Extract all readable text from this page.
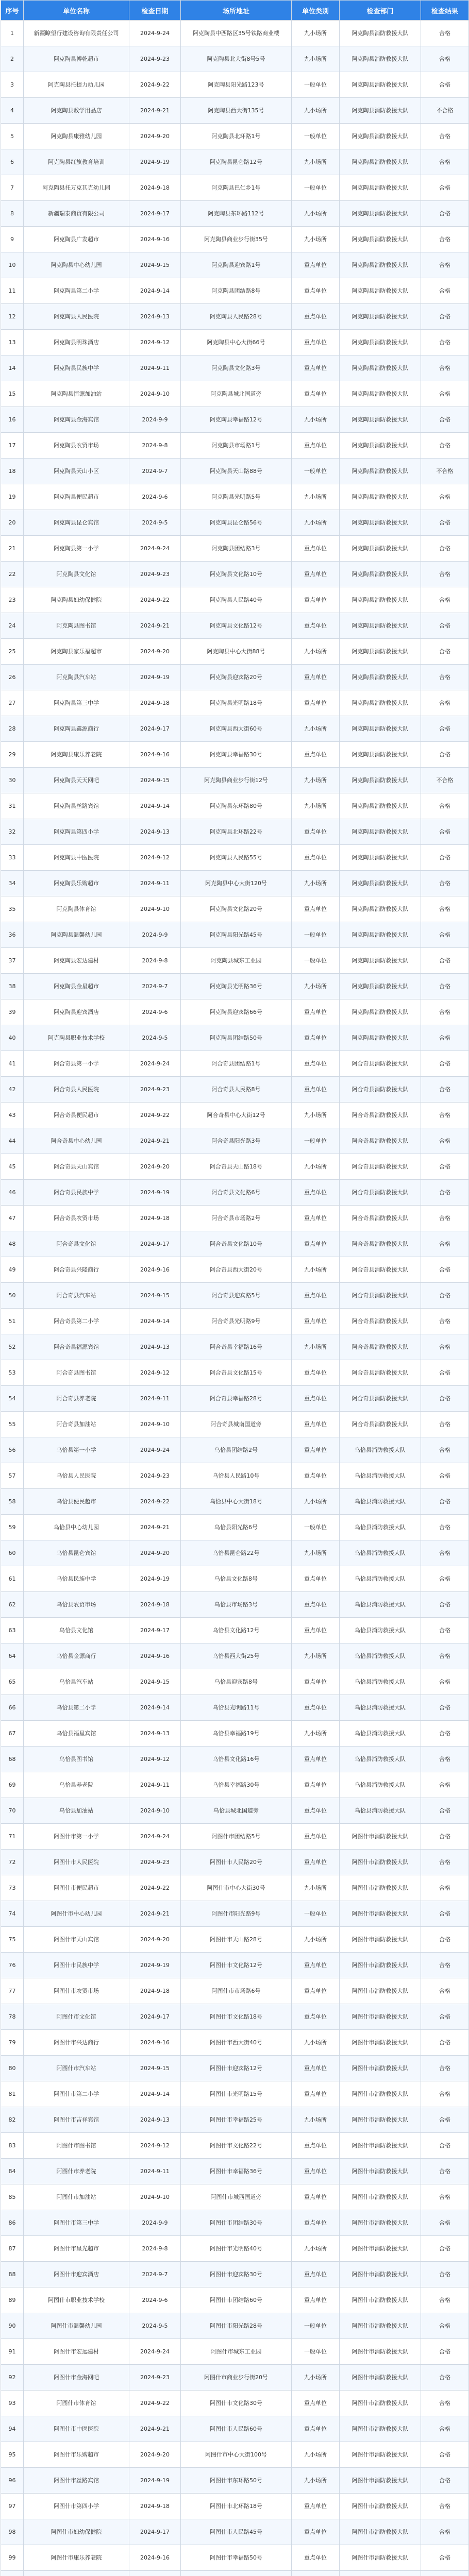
序号	单位名称	检查日期	场所地址	单位类别	检查部门	检查结果
1	新疆瞭望行建设咨询有限责任公司	2024-9-24	阿克陶县中西路区35号铁路商业楼	九小场所	阿克陶县消防救援大队	合格
2	阿克陶县博乾超市	2024-9-23	阿克陶县北大街8号5号	九小场所	阿克陶县消防救援大队	合格
3	阿克陶县托提力幼儿园	2024-9-22	阿克陶县阳光路123号	一般单位	阿克陶县消防救援大队	合格
4	阿克陶县教学用品店	2024-9-21	阿克陶县西大街135号	九小场所	阿克陶县消防救援大队	不合格
5	阿克陶县康雅幼儿园	2024-9-20	阿克陶县北环路1号	一般单位	阿克陶县消防救援大队	合格
6	阿克陶县红旗教育培训	2024-9-19	阿克陶县昆仑路12号	九小场所	阿克陶县消防救援大队	合格
7	阿克陶县托万克其克幼儿园	2024-9-18	阿克陶县巴仁乡1号	一般单位	阿克陶县消防救援大队	合格
8	新疆瑞泰商贸有限公司	2024-9-17	阿克陶县东环路112号	九小场所	阿克陶县消防救援大队	合格
9	阿克陶县广发超市	2024-9-16	阿克陶县商业步行街35号	九小场所	阿克陶县消防救援大队	合格
10	阿克陶县中心幼儿园	2024-9-15	阿克陶县迎宾路1号	重点单位	阿克陶县消防救援大队	合格
11	阿克陶县第二小学	2024-9-14	阿克陶县团结路8号	重点单位	阿克陶县消防救援大队	合格
12	阿克陶县人民医院	2024-9-13	阿克陶县人民路28号	重点单位	阿克陶县消防救援大队	合格
13	阿克陶县明珠酒店	2024-9-12	阿克陶县中心大街66号	重点单位	阿克陶县消防救援大队	合格
14	阿克陶县民族中学	2024-9-11	阿克陶县文化路3号	重点单位	阿克陶县消防救援大队	合格
15	阿克陶县恒源加油站	2024-9-10	阿克陶县城北国道旁	重点单位	阿克陶县消防救援大队	合格
16	阿克陶县金海宾馆	2024-9-9	阿克陶县幸福路12号	九小场所	阿克陶县消防救援大队	合格
17	阿克陶县农贸市场	2024-9-8	阿克陶县市场路1号	重点单位	阿克陶县消防救援大队	合格
18	阿克陶县天山小区	2024-9-7	阿克陶县天山路88号	一般单位	阿克陶县消防救援大队	不合格
19	阿克陶县便民超市	2024-9-6	阿克陶县光明路5号	九小场所	阿克陶县消防救援大队	合格
20	阿克陶县昆仑宾馆	2024-9-5	阿克陶县昆仑路56号	九小场所	阿克陶县消防救援大队	合格
21	阿克陶县第一小学	2024-9-24	阿克陶县团结路3号	重点单位	阿克陶县消防救援大队	合格
22	阿克陶县文化馆	2024-9-23	阿克陶县文化路10号	重点单位	阿克陶县消防救援大队	合格
23	阿克陶县妇幼保健院	2024-9-22	阿克陶县人民路40号	重点单位	阿克陶县消防救援大队	合格
24	阿克陶县图书馆	2024-9-21	阿克陶县文化路12号	重点单位	阿克陶县消防救援大队	合格
25	阿克陶县家乐福超市	2024-9-20	阿克陶县中心大街88号	九小场所	阿克陶县消防救援大队	合格
26	阿克陶县汽车站	2024-9-19	阿克陶县迎宾路20号	重点单位	阿克陶县消防救援大队	合格
27	阿克陶县第三中学	2024-9-18	阿克陶县光明路18号	重点单位	阿克陶县消防救援大队	合格
28	阿克陶县鑫源商行	2024-9-17	阿克陶县西大街60号	九小场所	阿克陶县消防救援大队	合格
29	阿克陶县康乐养老院	2024-9-16	阿克陶县幸福路30号	重点单位	阿克陶县消防救援大队	合格
30	阿克陶县天天网吧	2024-9-15	阿克陶县商业步行街12号	九小场所	阿克陶县消防救援大队	不合格
31	阿克陶县丝路宾馆	2024-9-14	阿克陶县东环路80号	九小场所	阿克陶县消防救援大队	合格
32	阿克陶县第四小学	2024-9-13	阿克陶县北环路22号	重点单位	阿克陶县消防救援大队	合格
33	阿克陶县中医医院	2024-9-12	阿克陶县人民路55号	重点单位	阿克陶县消防救援大队	合格
34	阿克陶县乐购超市	2024-9-11	阿克陶县中心大街120号	九小场所	阿克陶县消防救援大队	合格
35	阿克陶县体育馆	2024-9-10	阿克陶县文化路20号	重点单位	阿克陶县消防救援大队	合格
36	阿克陶县温馨幼儿园	2024-9-9	阿克陶县阳光路45号	一般单位	阿克陶县消防救援大队	合格
37	阿克陶县宏达建材	2024-9-8	阿克陶县城东工业园	一般单位	阿克陶县消防救援大队	合格
38	阿克陶县金星超市	2024-9-7	阿克陶县光明路36号	九小场所	阿克陶县消防救援大队	合格
39	阿克陶县迎宾酒店	2024-9-6	阿克陶县迎宾路66号	重点单位	阿克陶县消防救援大队	合格
40	阿克陶县职业技术学校	2024-9-5	阿克陶县团结路50号	重点单位	阿克陶县消防救援大队	合格
41	阿合奇县第一小学	2024-9-24	阿合奇县团结路1号	重点单位	阿合奇县消防救援大队	合格
42	阿合奇县人民医院	2024-9-23	阿合奇县人民路8号	重点单位	阿合奇县消防救援大队	合格
43	阿合奇县便民超市	2024-9-22	阿合奇县中心大街12号	九小场所	阿合奇县消防救援大队	合格
44	阿合奇县中心幼儿园	2024-9-21	阿合奇县阳光路3号	一般单位	阿合奇县消防救援大队	合格
45	阿合奇县天山宾馆	2024-9-20	阿合奇县天山路18号	九小场所	阿合奇县消防救援大队	合格
46	阿合奇县民族中学	2024-9-19	阿合奇县文化路6号	重点单位	阿合奇县消防救援大队	合格
47	阿合奇县农贸市场	2024-9-18	阿合奇县市场路2号	重点单位	阿合奇县消防救援大队	合格
48	阿合奇县文化馆	2024-9-17	阿合奇县文化路10号	重点单位	阿合奇县消防救援大队	合格
49	阿合奇县兴隆商行	2024-9-16	阿合奇县西大街20号	九小场所	阿合奇县消防救援大队	合格
50	阿合奇县汽车站	2024-9-15	阿合奇县迎宾路5号	重点单位	阿合奇县消防救援大队	合格
51	阿合奇县第二小学	2024-9-14	阿合奇县光明路9号	重点单位	阿合奇县消防救援大队	合格
52	阿合奇县福源宾馆	2024-9-13	阿合奇县幸福路16号	九小场所	阿合奇县消防救援大队	合格
53	阿合奇县图书馆	2024-9-12	阿合奇县文化路15号	重点单位	阿合奇县消防救援大队	合格
54	阿合奇县养老院	2024-9-11	阿合奇县幸福路28号	重点单位	阿合奇县消防救援大队	合格
55	阿合奇县加油站	2024-9-10	阿合奇县城南国道旁	重点单位	阿合奇县消防救援大队	合格
56	乌恰县第一小学	2024-9-24	乌恰县团结路2号	重点单位	乌恰县消防救援大队	合格
57	乌恰县人民医院	2024-9-23	乌恰县人民路10号	重点单位	乌恰县消防救援大队	合格
58	乌恰县便民超市	2024-9-22	乌恰县中心大街18号	九小场所	乌恰县消防救援大队	合格
59	乌恰县中心幼儿园	2024-9-21	乌恰县阳光路6号	一般单位	乌恰县消防救援大队	合格
60	乌恰县昆仑宾馆	2024-9-20	乌恰县昆仑路22号	九小场所	乌恰县消防救援大队	合格
61	乌恰县民族中学	2024-9-19	乌恰县文化路8号	重点单位	乌恰县消防救援大队	合格
62	乌恰县农贸市场	2024-9-18	乌恰县市场路3号	重点单位	乌恰县消防救援大队	合格
63	乌恰县文化馆	2024-9-17	乌恰县文化路12号	重点单位	乌恰县消防救援大队	合格
64	乌恰县金源商行	2024-9-16	乌恰县西大街25号	九小场所	乌恰县消防救援大队	合格
65	乌恰县汽车站	2024-9-15	乌恰县迎宾路8号	重点单位	乌恰县消防救援大队	合格
66	乌恰县第二小学	2024-9-14	乌恰县光明路11号	重点单位	乌恰县消防救援大队	合格
67	乌恰县福星宾馆	2024-9-13	乌恰县幸福路19号	九小场所	乌恰县消防救援大队	合格
68	乌恰县图书馆	2024-9-12	乌恰县文化路16号	重点单位	乌恰县消防救援大队	合格
69	乌恰县养老院	2024-9-11	乌恰县幸福路30号	重点单位	乌恰县消防救援大队	合格
70	乌恰县加油站	2024-9-10	乌恰县城北国道旁	重点单位	乌恰县消防救援大队	合格
71	阿图什市第一小学	2024-9-24	阿图什市团结路5号	重点单位	阿图什市消防救援大队	合格
72	阿图什市人民医院	2024-9-23	阿图什市人民路20号	重点单位	阿图什市消防救援大队	合格
73	阿图什市便民超市	2024-9-22	阿图什市中心大街30号	九小场所	阿图什市消防救援大队	合格
74	阿图什市中心幼儿园	2024-9-21	阿图什市阳光路9号	一般单位	阿图什市消防救援大队	合格
75	阿图什市天山宾馆	2024-9-20	阿图什市天山路28号	九小场所	阿图什市消防救援大队	合格
76	阿图什市民族中学	2024-9-19	阿图什市文化路12号	重点单位	阿图什市消防救援大队	合格
77	阿图什市农贸市场	2024-9-18	阿图什市市场路6号	重点单位	阿图什市消防救援大队	合格
78	阿图什市文化馆	2024-9-17	阿图什市文化路18号	重点单位	阿图什市消防救援大队	合格
79	阿图什市兴达商行	2024-9-16	阿图什市西大街40号	九小场所	阿图什市消防救援大队	合格
80	阿图什市汽车站	2024-9-15	阿图什市迎宾路12号	重点单位	阿图什市消防救援大队	合格
81	阿图什市第二小学	2024-9-14	阿图什市光明路15号	重点单位	阿图什市消防救援大队	合格
82	阿图什市吉祥宾馆	2024-9-13	阿图什市幸福路25号	九小场所	阿图什市消防救援大队	合格
83	阿图什市图书馆	2024-9-12	阿图什市文化路22号	重点单位	阿图什市消防救援大队	合格
84	阿图什市养老院	2024-9-11	阿图什市幸福路36号	重点单位	阿图什市消防救援大队	合格
85	阿图什市加油站	2024-9-10	阿图什市城西国道旁	重点单位	阿图什市消防救援大队	合格
86	阿图什市第三中学	2024-9-9	阿图什市团结路30号	重点单位	阿图什市消防救援大队	合格
87	阿图什市星光超市	2024-9-8	阿图什市光明路40号	九小场所	阿图什市消防救援大队	合格
88	阿图什市迎宾酒店	2024-9-7	阿图什市迎宾路30号	重点单位	阿图什市消防救援大队	合格
89	阿图什市职业技术学校	2024-9-6	阿图什市团结路60号	重点单位	阿图什市消防救援大队	合格
90	阿图什市温馨幼儿园	2024-9-5	阿图什市阳光路28号	一般单位	阿图什市消防救援大队	合格
91	阿图什市宏远建材	2024-9-24	阿图什市城东工业园	一般单位	阿图什市消防救援大队	合格
92	阿图什市金海网吧	2024-9-23	阿图什市商业步行街20号	九小场所	阿图什市消防救援大队	合格
93	阿图什市体育馆	2024-9-22	阿图什市文化路30号	重点单位	阿图什市消防救援大队	合格
94	阿图什市中医医院	2024-9-21	阿图什市人民路60号	重点单位	阿图什市消防救援大队	合格
95	阿图什市乐购超市	2024-9-20	阿图什市中心大街100号	九小场所	阿图什市消防救援大队	合格
96	阿图什市丝路宾馆	2024-9-19	阿图什市东环路50号	九小场所	阿图什市消防救援大队	合格
97	阿图什市第四小学	2024-9-18	阿图什市北环路18号	重点单位	阿图什市消防救援大队	合格
98	阿图什市妇幼保健院	2024-9-17	阿图什市人民路45号	重点单位	阿图什市消防救援大队	合格
99	阿图什市康乐养老院	2024-9-16	阿图什市幸福路50号	重点单位	阿图什市消防救援大队	合格
